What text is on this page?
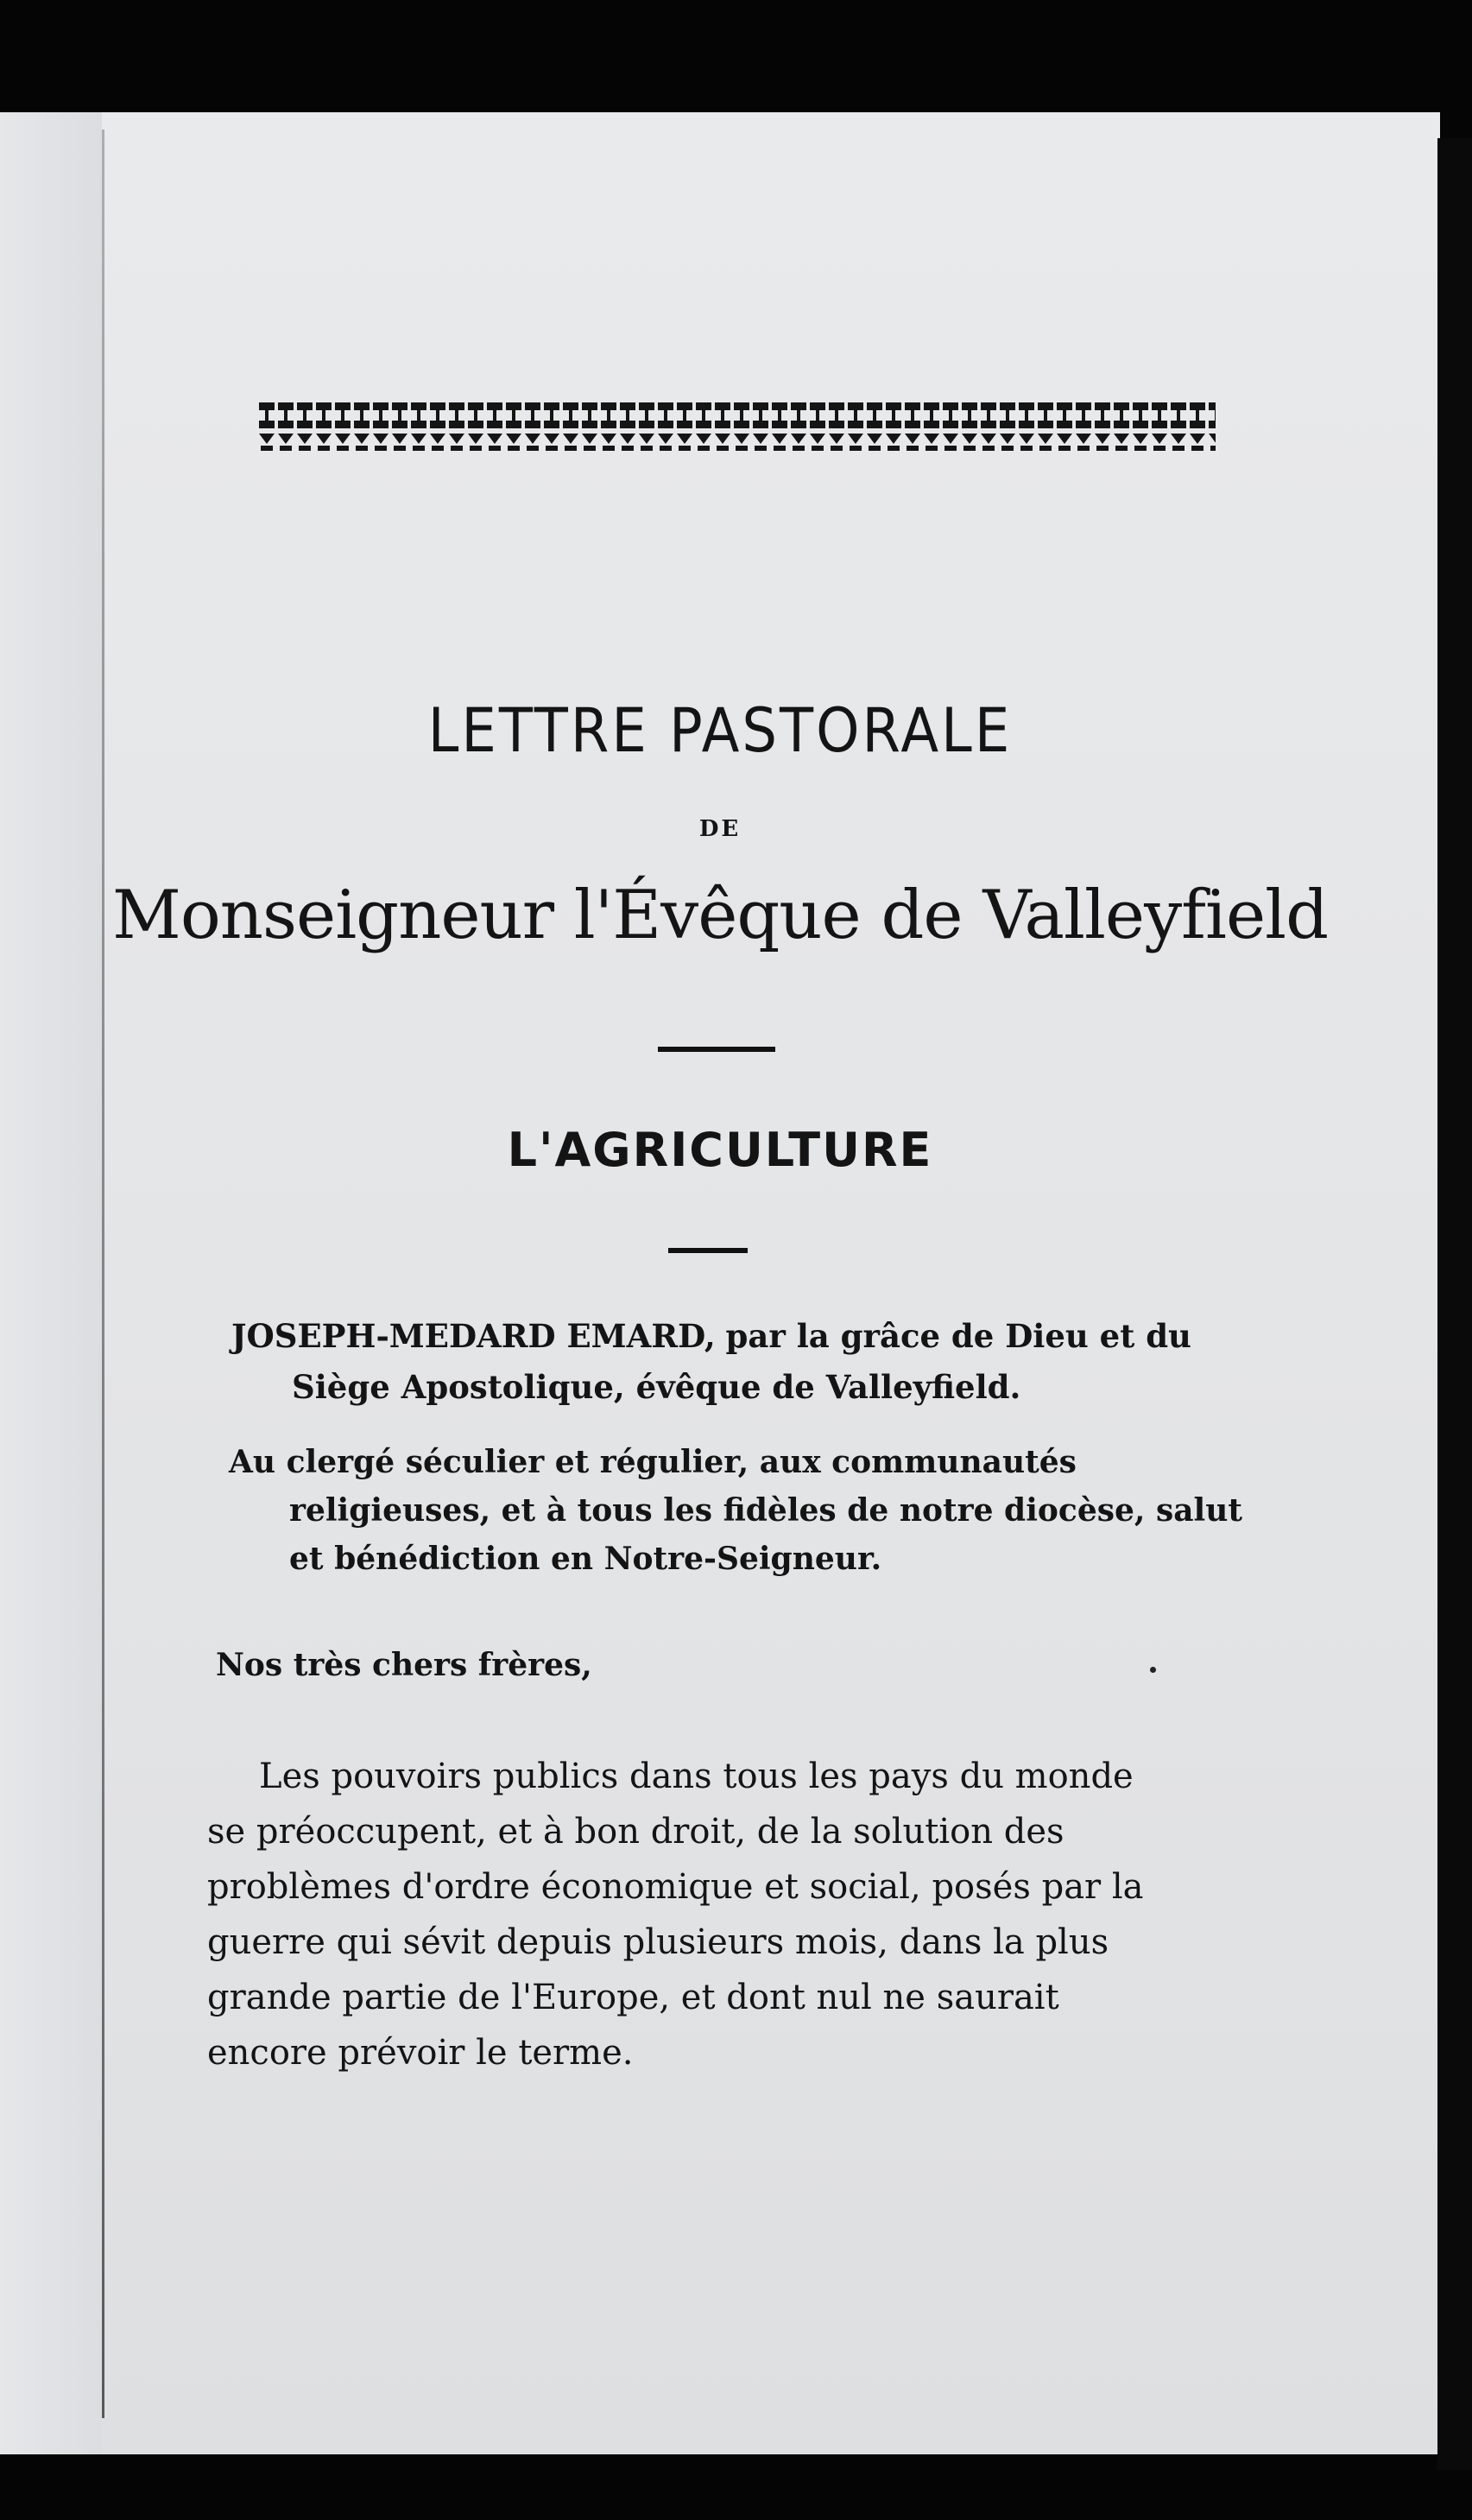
LETTRE PASTORALE
DE
Monseigneur l'Évêque de Valleyfield
L'AGRICULTURE

JOSEPH-MEDARD EMARD, par la grâce de Dieu et du Siège Apostolique, évêque de Valleyfield.

Au clergé séculier et régulier, aux communautés religieuses, et à tous les fidèles de notre diocèse, salut et bénédiction en Notre-Seigneur.

Nos très chers frères,

Les pouvoirs publics dans tous les pays du monde se préoccupent, et à bon droit, de la solution des problèmes d'ordre économique et social, posés par la guerre qui sévit depuis plusieurs mois, dans la plus grande partie de l'Europe, et dont nul ne saurait encore prévoir le terme.
